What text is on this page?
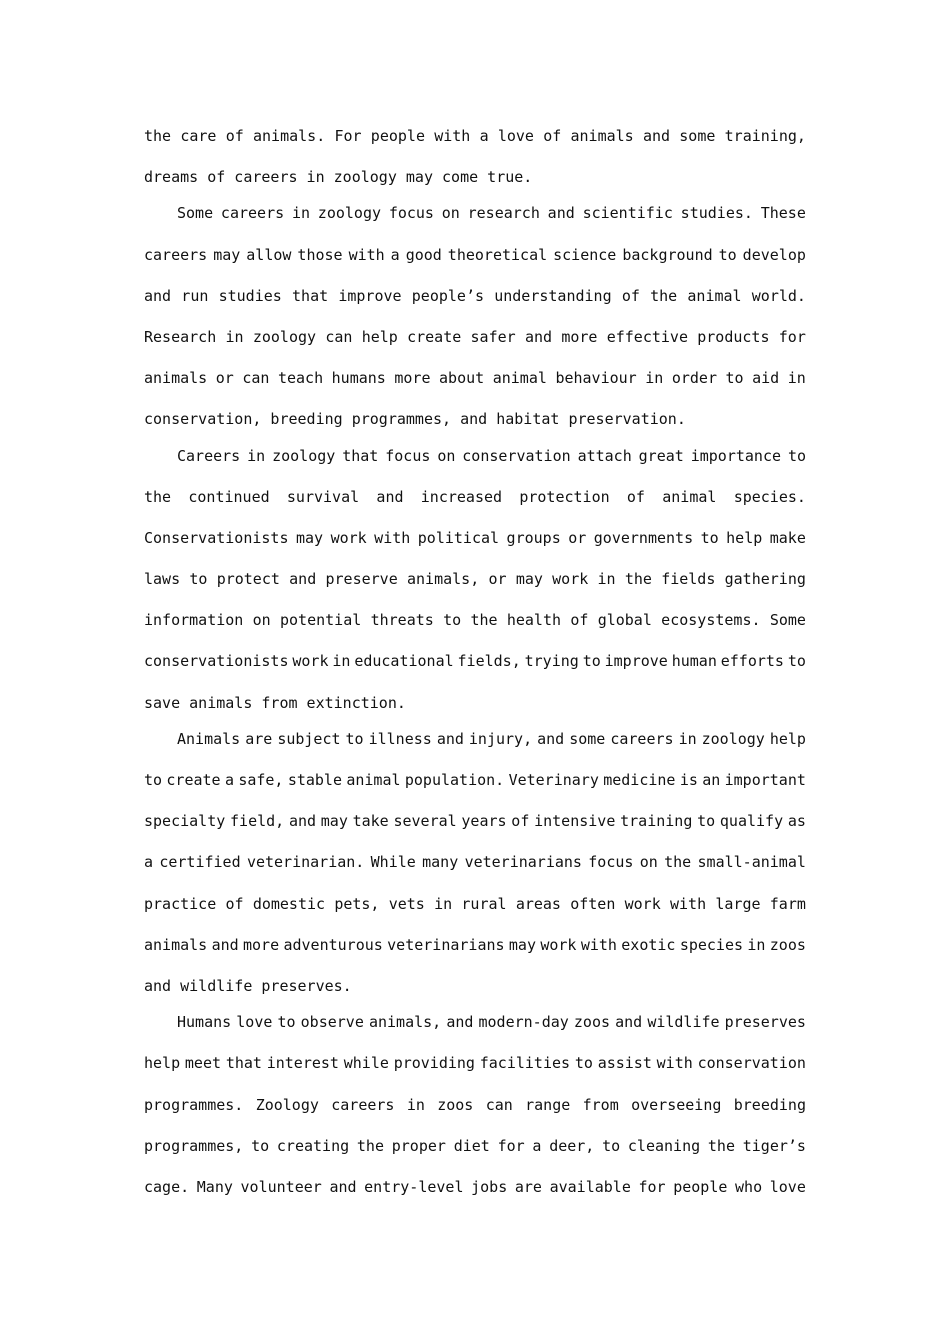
the care of animals. For people with a love of animals and some training,
dreams of careers in zoology may come true.
Some careers in zoology focus on research and scientific studies. These
careers may allow those with a good theoretical science background to develop
and run studies that improve people’s understanding of the animal world.
Research in zoology can help create safer and more effective products for
animals or can teach humans more about animal behaviour in order to aid in
conservation, breeding programmes, and habitat preservation.
Careers in zoology that focus on conservation attach great importance to
the continued survival and increased protection of animal species.
Conservationists may work with political groups or governments to help make
laws to protect and preserve animals, or may work in the fields gathering
information on potential threats to the health of global ecosystems. Some
conservationists work in educational fields, trying to improve human efforts to
save animals from extinction.
Animals are subject to illness and injury, and some careers in zoology help
to create a safe, stable animal population. Veterinary medicine is an important
specialty field, and may take several years of intensive training to qualify as
a certified veterinarian. While many veterinarians focus on the small-animal
practice of domestic pets, vets in rural areas often work with large farm
animals and more adventurous veterinarians may work with exotic species in zoos
and wildlife preserves.
Humans love to observe animals, and modern-day zoos and wildlife preserves
help meet that interest while providing facilities to assist with conservation
programmes. Zoology careers in zoos can range from overseeing breeding
programmes, to creating the proper diet for a deer, to cleaning the tiger’s
cage. Many volunteer and entry-level jobs are available for people who love
